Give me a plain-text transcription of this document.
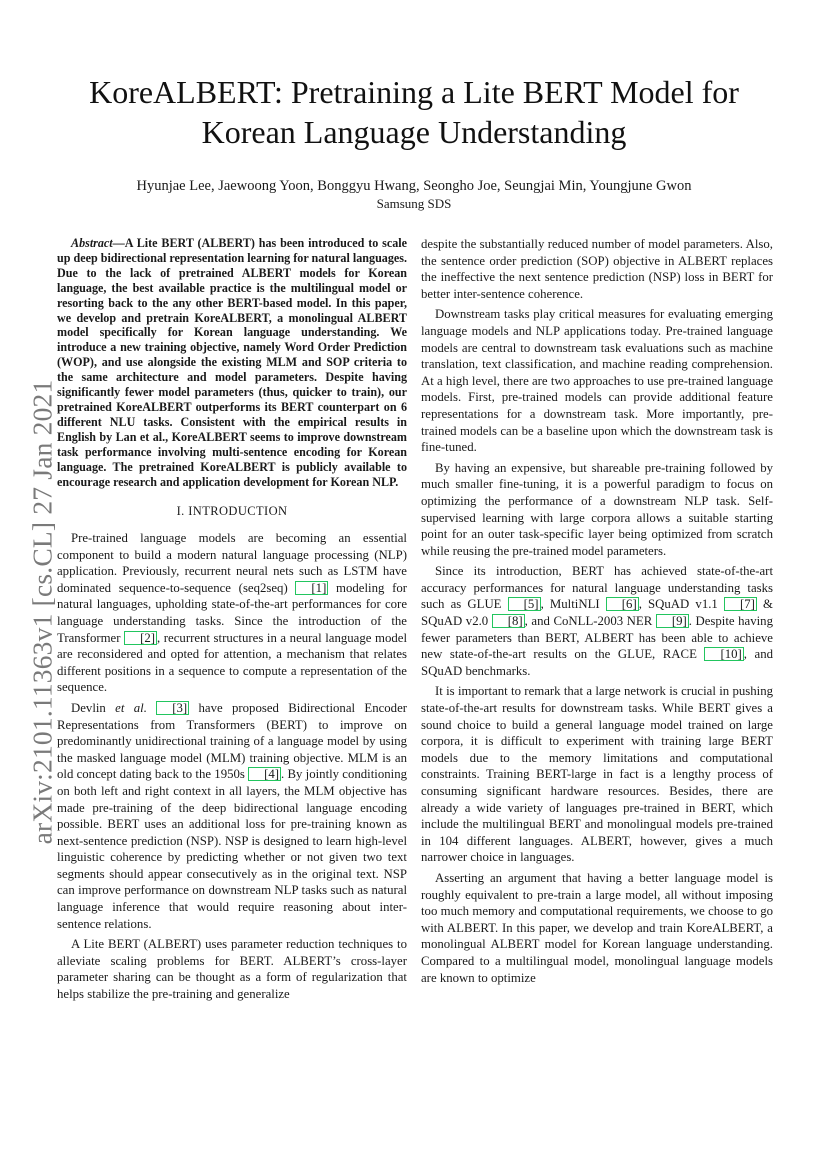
arXiv:2101.11363v1 [cs.CL] 27 Jan 2021
KoreALBERT: Pretraining a Lite BERT Model for
Korean Language Understanding
Hyunjae Lee, Jaewoong Yoon, Bonggyu Hwang, Seongho Joe, Seungjai Min, Youngjune Gwon
Samsung SDS

Abstract—A Lite BERT (ALBERT) has been introduced to scale up deep bidirectional representation learning for natural languages. Due to the lack of pretrained ALBERT models for Korean language, the best available practice is the multilingual model or resorting back to the any other BERT-based model. In this paper, we develop and pretrain KoreALBERT, a monolingual ALBERT model specifically for Korean language understanding. We introduce a new training objective, namely Word Order Prediction (WOP), and use alongside the existing MLM and SOP criteria to the same architecture and model parameters. Despite having significantly fewer model parameters (thus, quicker to train), our pretrained KoreALBERT outperforms its BERT counterpart on 6 different NLU tasks. Consistent with the empirical results in English by Lan et al., KoreALBERT seems to improve downstream task performance involving multi-sentence encoding for Korean language. The pretrained KoreALBERT is publicly available to encourage research and application development for Korean NLP.

I. INTRODUCTION

Pre-trained language models are becoming an essential component to build a modern natural language processing (NLP) application. Previously, recurrent neural nets such as LSTM have dominated sequence-to-sequence (seq2seq) [1] modeling for natural languages, upholding state-of-the-art performances for core language understanding tasks. Since the introduction of the Transformer [2] , recurrent structures in a neural language model are reconsidered and opted for attention, a mechanism that relates different positions in a sequence to compute a representation of the sequence.

Devlin et al. [3] have proposed Bidirectional Encoder Representations from Transformers (BERT) to improve on predominantly unidirectional training of a language model by using the masked language model (MLM) training objective. MLM is an old concept dating back to the 1950s [4] . By jointly conditioning on both left and right context in all layers, the MLM objective has made pre-training of the deep bidirectional language encoding possible. BERT uses an additional loss for pre-training known as next-sentence prediction (NSP). NSP is designed to learn high-level linguistic coherence by predicting whether or not given two text segments should appear consecutively as in the original text. NSP can improve performance on downstream NLP tasks such as natural language inference that would require reasoning about inter-sentence relations.

A Lite BERT (ALBERT) uses parameter reduction techniques to alleviate scaling problems for BERT. ALBERT’s cross-layer parameter sharing can be thought as a form of regularization that helps stabilize the pre-training and generalize

despite the substantially reduced number of model parameters. Also, the sentence order prediction (SOP) objective in ALBERT replaces the ineffective the next sentence prediction (NSP) loss in BERT for better inter-sentence coherence.

Downstream tasks play critical measures for evaluating emerging language models and NLP applications today. Pre-trained language models are central to downstream task evaluations such as machine translation, text classification, and machine reading comprehension. At a high level, there are two approaches to use pre-trained language models. First, pre-trained models can provide additional feature representations for a downstream task. More importantly, pre-trained models can be a baseline upon which the downstream task is fine-tuned.

By having an expensive, but shareable pre-training followed by much smaller fine-tuning, it is a powerful paradigm to focus on optimizing the performance of a downstream NLP task. Self-supervised learning with large corpora allows a suitable starting point for an outer task-specific layer being optimized from scratch while reusing the pre-trained model parameters.

Since its introduction, BERT has achieved state-of-the-art accuracy performances for natural language understanding tasks such as GLUE [5] , MultiNLI [6] , SQuAD v1.1 [7] & SQuAD v2.0 [8] , and CoNLL-2003 NER [9] . Despite having fewer parameters than BERT, ALBERT has been able to achieve new state-of-the-art results on the GLUE, RACE [10] , and SQuAD benchmarks.

It is important to remark that a large network is crucial in pushing state-of-the-art results for downstream tasks. While BERT gives a sound choice to build a general language model trained on large corpora, it is difficult to experiment with training large BERT models due to the memory limitations and computational constraints. Training BERT-large in fact is a lengthy process of consuming significant hardware resources. Besides, there are already a wide variety of languages pre-trained in BERT, which include the multilingual BERT and monolingual models pre-trained in 104 different languages. ALBERT, however, gives a much narrower choice in languages.

Asserting an argument that having a better language model is roughly equivalent to pre-train a large model, all without imposing too much memory and computational requirements, we choose to go with ALBERT. In this paper, we develop and train KoreALBERT, a monolingual ALBERT model for Korean language understanding. Compared to a multilingual model, monolingual language models are known to optimize
